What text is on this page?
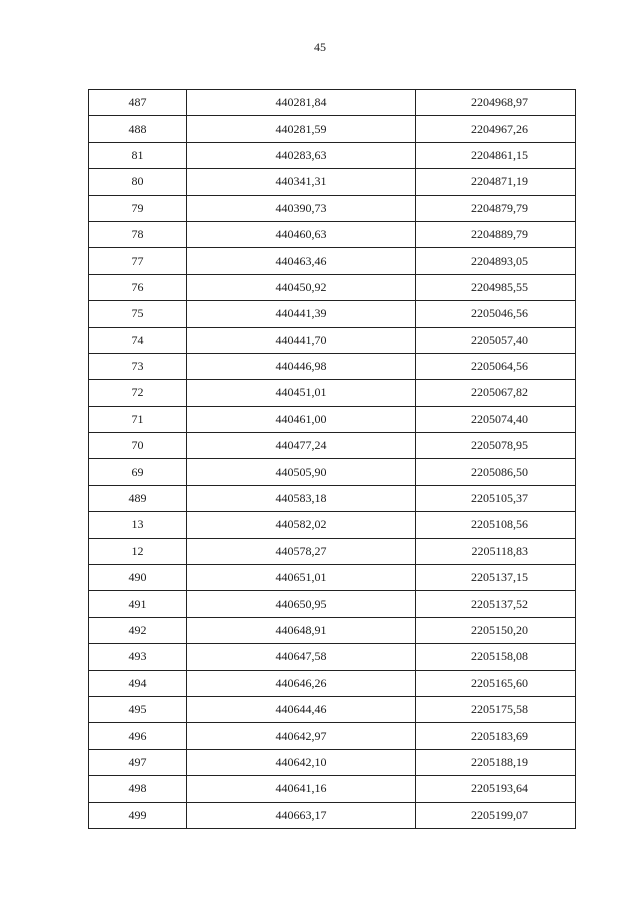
45
487	440281,84	2204968,97
488	440281,59	2204967,26
81	440283,63	2204861,15
80	440341,31	2204871,19
79	440390,73	2204879,79
78	440460,63	2204889,79
77	440463,46	2204893,05
76	440450,92	2204985,55
75	440441,39	2205046,56
74	440441,70	2205057,40
73	440446,98	2205064,56
72	440451,01	2205067,82
71	440461,00	2205074,40
70	440477,24	2205078,95
69	440505,90	2205086,50
489	440583,18	2205105,37
13	440582,02	2205108,56
12	440578,27	2205118,83
490	440651,01	2205137,15
491	440650,95	2205137,52
492	440648,91	2205150,20
493	440647,58	2205158,08
494	440646,26	2205165,60
495	440644,46	2205175,58
496	440642,97	2205183,69
497	440642,10	2205188,19
498	440641,16	2205193,64
499	440663,17	2205199,07
